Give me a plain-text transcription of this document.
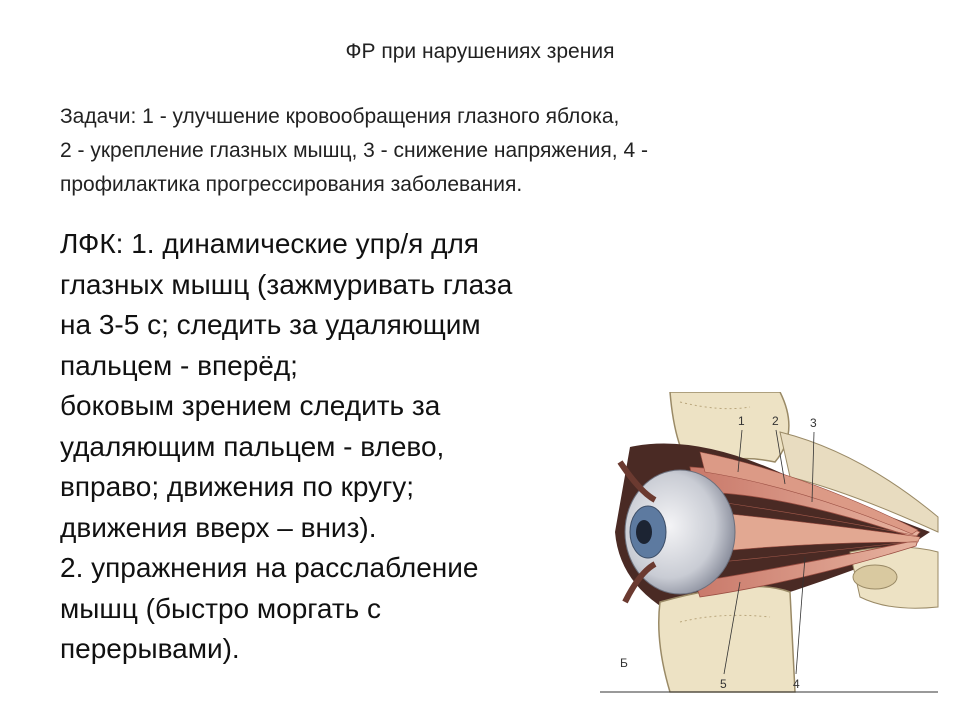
ФР при нарушениях зрения
Задачи: 1 - улучшение кровообращения глазного яблока,
2 - укрепление глазных мышц, 3 - снижение напряжения, 4 -
профилактика прогрессирования заболевания.
ЛФК: 1. динамические упр/я для
глазных мышц (зажмуривать глаза
на 3-5 с; следить за удаляющим
пальцем - вперёд;
боковым зрением следить за
удаляющим пальцем - влево,
вправо; движения по кругу;
движения вверх – вниз).
2. упражнения на расслабление
мышц (быстро моргать с
перерывами).
1 2	3
4
5
Б
